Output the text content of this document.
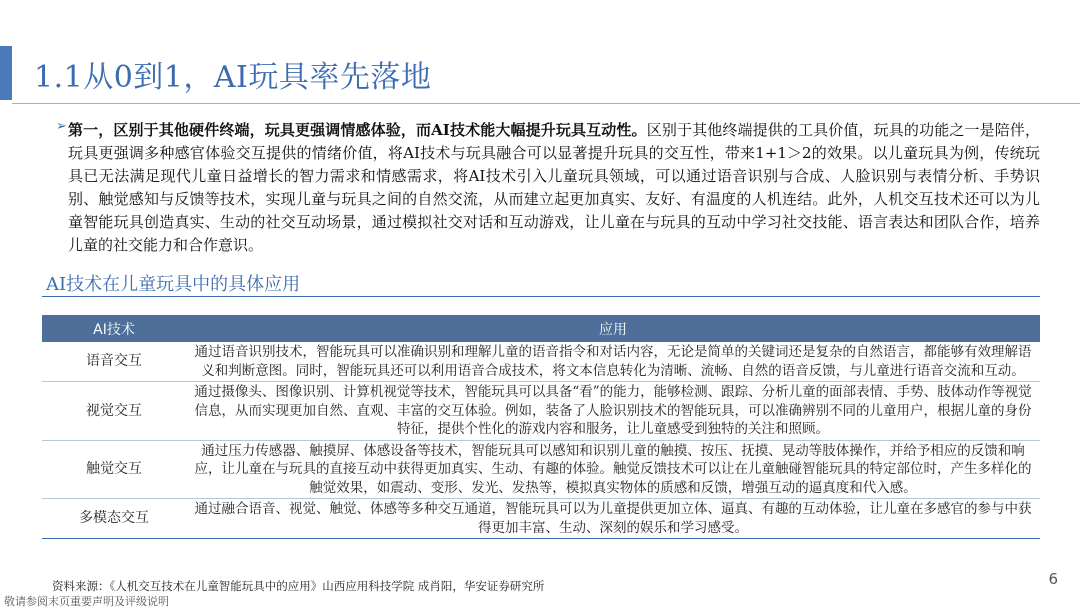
1.1从0到1，AI玩具率先落地
➢ 第一，区别于其他硬件终端，玩具更强调情感体验，而AI技术能大幅提升玩具互动性。区别于其他终端提供的工具价值，玩具的功能之一是陪伴，玩具更强调多种感官体验交互提供的情绪价值，将AI技术与玩具融合可以显著提升玩具的交互性，带来1+1＞2的效果。以儿童玩具为例，传统玩具已无法满足现代儿童日益增长的智力需求和情感需求，将AI技术引入儿童玩具领域，可以通过语音识别与合成、人脸识别与表情分析、手势识别、触觉感知与反馈等技术，实现儿童与玩具之间的自然交流，从而建立起更加真实、友好、有温度的人机连结。此外，人机交互技术还可以为儿童智能玩具创造真实、生动的社交互动场景，通过模拟社交对话和互动游戏，让儿童在与玩具的互动中学习社交技能、语言表达和团队合作，培养儿童的社交能力和合作意识。
AI技术在儿童玩具中的具体应用
AI技术	应用
语音交互	通过语音识别技术，智能玩具可以准确识别和理解儿童的语音指令和对话内容，无论是简单的关键词还是复杂的自然语言，都能够有效理解语义和判断意图。同时，智能玩具还可以利用语音合成技术，将文本信息转化为清晰、流畅、自然的语音反馈，与儿童进行语音交流和互动。
视觉交互	通过摄像头、图像识别、计算机视觉等技术，智能玩具可以具备“看”的能力，能够检测、跟踪、分析儿童的面部表情、手势、肢体动作等视觉信息，从而实现更加自然、直观、丰富的交互体验。例如，装备了人脸识别技术的智能玩具，可以准确辨别不同的儿童用户，根据儿童的身份特征，提供个性化的游戏内容和服务，让儿童感受到独特的关注和照顾。
触觉交互	通过压力传感器、触摸屏、体感设备等技术，智能玩具可以感知和识别儿童的触摸、按压、抚摸、晃动等肢体操作，并给予相应的反馈和响应，让儿童在与玩具的直接互动中获得更加真实、生动、有趣的体验。触觉反馈技术可以让在儿童触碰智能玩具的特定部位时，产生多样化的触觉效果，如震动、变形、发光、发热等，模拟真实物体的质感和反馈，增强互动的逼真度和代入感。
多模态交互	通过融合语音、视觉、触觉、体感等多种交互通道，智能玩具可以为儿童提供更加立体、逼真、有趣的互动体验，让儿童在多感官的参与中获得更加丰富、生动、深刻的娱乐和学习感受。
资料来源：《人机交互技术在儿童智能玩具中的应用》山西应用科技学院 成肖阳，华安证券研究所	6
敬请参阅末页重要声明及评级说明
